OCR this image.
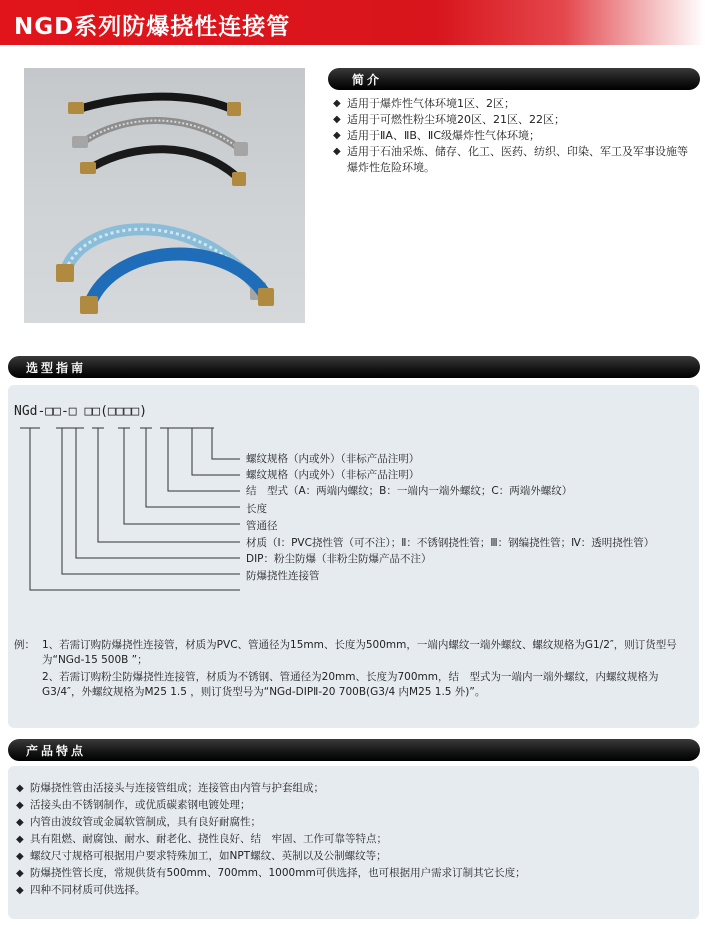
NGD系列防爆挠性连接管
简介
◆ 适用于爆炸性气体环境1区、2区；
◆ 适用于可燃性粉尘环境20区、21区、22区；
◆ 适用于ⅡA、ⅡB、ⅡC级爆炸性气体环境；
◆ 适用于石油采炼、储存、化工、医药、纺织、印染、军工及军事设施等爆炸性危险环境。
选型指南
NGd-□□-□ □□(□□□□)
螺纹规格（内或外）（非标产品注明）
螺纹规格（内或外）（非标产品注明）
结　型式（A：两端内螺纹；B：一端内一端外螺纹；C：两端外螺纹）
长度
管通径
材质（Ⅰ：PVC挠性管（可不注）；Ⅱ：不锈钢挠性管；Ⅲ：钢编挠性管；Ⅳ：透明挠性管）
DIP：粉尘防爆（非粉尘防爆产品不注）
防爆挠性连接管

例： 1、若需订购防爆挠性连接管，材质为PVC、管通径为15mm、长度为500mm，一端内螺纹一端外螺纹、螺纹规格为G1/2″，则订货型号为“NGd-15 500B ”；

2、若需订购粉尘防爆挠性连接管，材质为不锈钢、管通径为20mm、长度为700mm，结　型式为一端内一端外螺纹，内螺纹规格为G3/4″，外螺纹规格为M25 1.5 ，则订货型号为“NGd-DIPⅡ-20 700B(G3/4 内M25 1.5 外)”。

产品特点
◆ 防爆挠性管由活接头与连接管组成；连接管由内管与护套组成；
◆ 活接头由不锈钢制作，或优质碳素钢电镀处理；
◆ 内管由波纹管或金属软管制成，具有良好耐腐性；
◆ 具有阻燃、耐腐蚀、耐水、耐老化、挠性良好、结　牢固、工作可靠等特点；
◆ 螺纹尺寸规格可根据用户要求特殊加工，如NPT螺纹、英制以及公制螺纹等；
◆ 防爆挠性管长度，常规供货有500mm、700mm、1000mm可供选择，也可根据用户需求订制其它长度；
◆ 四种不同材质可供选择。
